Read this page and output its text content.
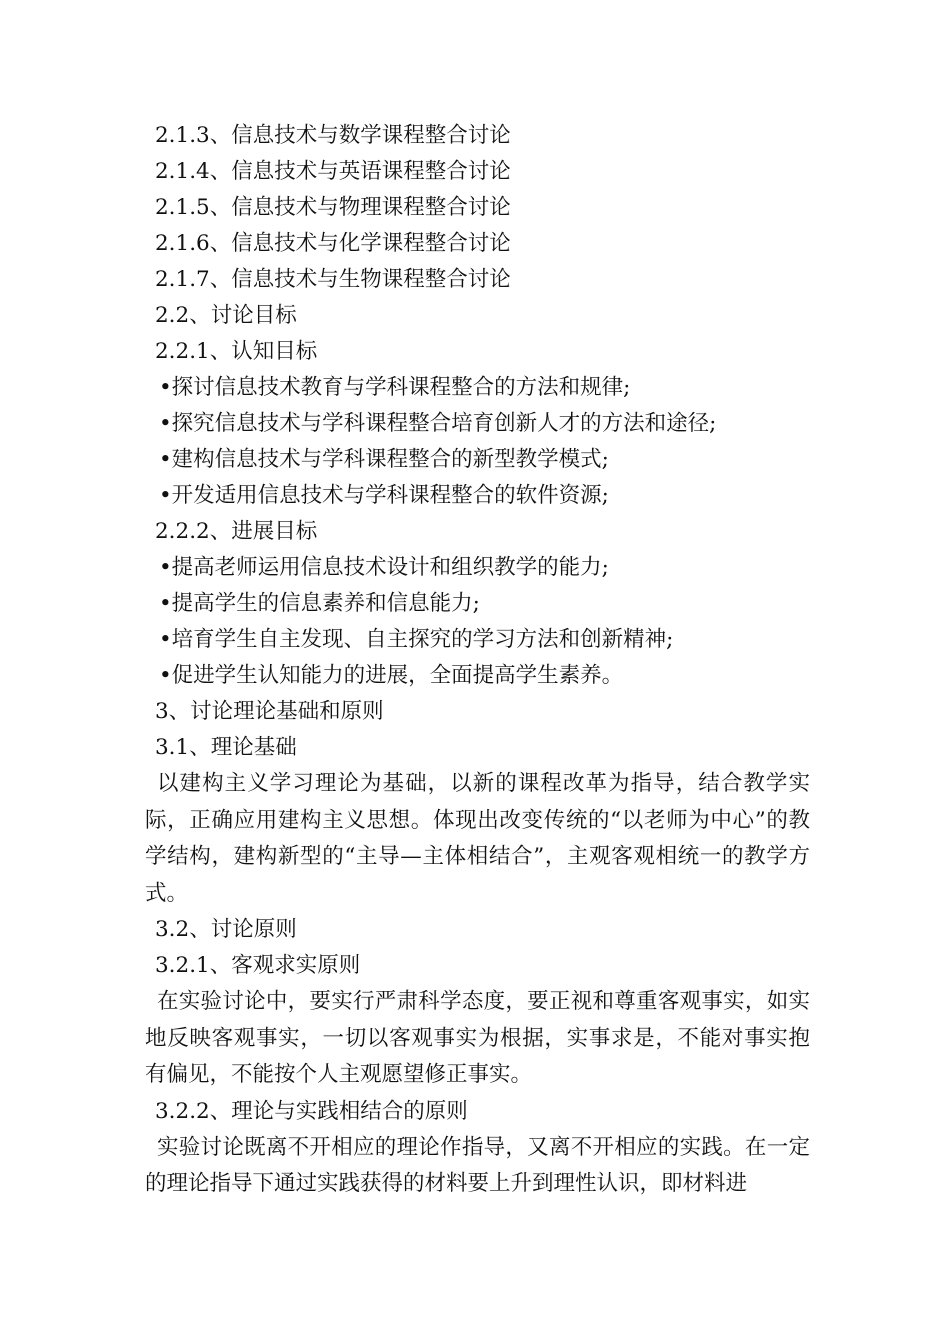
2.1.3、信息技术与数学课程整合讨论
2.1.4、信息技术与英语课程整合讨论
2.1.5、信息技术与物理课程整合讨论
2.1.6、信息技术与化学课程整合讨论
2.1.7、信息技术与生物课程整合讨论
2.2、讨论目标
2.2.1、认知目标
•探讨信息技术教育与学科课程整合的方法和规律;
•探究信息技术与学科课程整合培育创新人才的方法和途径;
•建构信息技术与学科课程整合的新型教学模式;
•开发适用信息技术与学科课程整合的软件资源;
2.2.2、进展目标
•提高老师运用信息技术设计和组织教学的能力;
•提高学生的信息素养和信息能力;
•培育学生自主发现、自主探究的学习方法和创新精神;
•促进学生认知能力的进展，全面提高学生素养。
3、讨论理论基础和原则
3.1、理论基础

以建构主义学习理论为基础，以新的课程改革为指导，结合教学实际，正确应用建构主义思想。体现出改变传统的“以老师为中心”的教学结构，建构新型的“主导—主体相结合”，主观客观相统一的教学方式。

3.2、讨论原则
3.2.1、客观求实原则

在实验讨论中，要实行严肃科学态度，要正视和尊重客观事实，如实地反映客观事实，一切以客观事实为根据，实事求是，不能对事实抱有偏见，不能按个人主观愿望修正事实。

3.2.2、理论与实践相结合的原则

实验讨论既离不开相应的理论作指导，又离不开相应的实践。在一定的理论指导下通过实践获得的材料要上升到理性认识，即材料进
